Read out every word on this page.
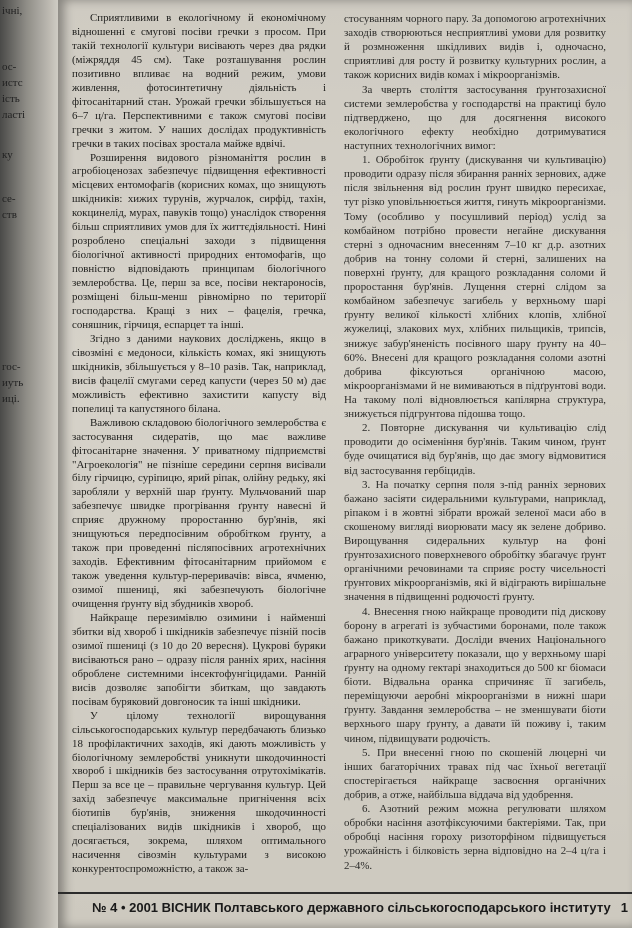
ічні,
ос-
истс
ість
ласті
ку
се-
ств
гос-
иуть
иці.

Сприятливими в екологічному й економічному відношенні є смугові посіви гречки з просом. При такій технології культури висівають через два рядки (міжряддя 45 см). Таке розташування рослин позитивно впливає на водний режим, умови живлення, фотосинтетичну діяльність і фітосанітарний стан. Урожай гречки збільшується на 6–7 ц/га. Перспективними є також смугові посіви гречки з житом. У наших дослідах продуктивність гречки в таких посівах зростала майже вдвічі.

Розширення видового різноманіття рослин в агробіоценозах забезпечує підвищення ефективності місцевих ентомофагів (корисних комах, що знищують шкідників: хижих турунів, журчалок, сирфід, тахін, кокцинелід, мурах, павуків тощо) унаслідок створення більш сприятливих умов для їх життєдіяльності. Нині розроблено спеціальні заходи з підвищення біологічної активності природних ентомофагів, що повністю відповідають принципам біологічного землеробства. Це, перш за все, посіви нектароносів, розміщені більш-менш рівномірно по території господарства. Кращі з них – фацелія, гречка, соняшник, гірчиця, еспарцет та інші.

Згідно з даними наукових досліджень, якщо в сівозміні є медоноси, кількість комах, які знищують шкідників, збільшується у 8–10 разів. Так, наприклад, висів фацелії смугами серед капусти (через 50 м) дає можливість ефективно захистити капусту від попелиці та капустяного білана.

Важливою складовою біологічного землеробства є застосування сидератів, що має важливе фітосанітарне значення. У приватному підприємстві "Агроекологія" не пізніше середини серпня висівали білу гірчицю, сурiпицю, ярий ріпак, олійну редьку, які заробляли у верхній шар ґрунту. Мульчований шар забезпечує швидке прогрівання ґрунту навесні й сприяє дружному проростанню бур'янів, які знищуються передпосівним обробітком ґрунту, а також при проведенні післяпосівних агротехнічних заходів. Ефективним фітосанітарним прийомом є також уведення культур-переривачів: вівса, ячменю, озимої пшениці, які забезпечують біологічне очищення ґрунту від збудників хвороб.

Найкраще перезимівлю озимини і найменші збитки від хвороб і шкідників забезпечує пізній посів озимої пшениці (з 10 до 20 вересня). Цукрові буряки висіваються рано – одразу після ранніх ярих, насіння оброблене системними інсектофунгіцидами. Ранній висів дозволяє запобігти збиткам, що завдають посівам буряковий довгоносик та інші шкідники.

У цілому технології вирощування сільськогосподарських культур передбачають близько 18 профілактичних заходів, які дають можливість у біологічному землеробстві уникнути шкодочинності хвороб і шкідників без застосування отрутохімікатів. Перш за все це – правильне чергування культур. Цей захід забезпечує максимальне пригнічення всіх біотипів бур'янів, зниження шкодочинності спеціалізованих видів шкідників і хвороб, що досягається, зокрема, шляхом оптимального насичення сівозмін культурами з високою конкурентоспроможністю, а також за-

стосуванням чорного пару. За допомогою агротехнічних заходів створюються несприятливі умови для розвитку й розмноження шкідливих видів і, одночасно, сприятливі для росту й розвитку культурних рослин, а також корисних видів комах і мікроорганізмів.

За чверть століття застосування ґрунтозахисної системи землеробства у господарстві на практиці було підтверджено, що для досягнення високого екологічного ефекту необхідно дотримуватися наступних технологічних вимог:

1. Обробіток ґрунту (дискування чи культивацію) проводити одразу після збирання ранніх зернових, адже після звільнення від рослин ґрунт швидко пересихає, тут різко уповільнюється життя, гинуть мікроорганізми. Тому (особливо у посушливий період) услід за комбайном потрібно провести негайне дискування стерні з одночасним внесенням 7–10 кг д.р. азотних добрив на тонну соломи й стерні, залишених на поверхні ґрунту, для кращого розкладання соломи й проростання бур'янів. Лущення стерні слідом за комбайном забезпечує загибель у верхньому шарі ґрунту великої кількості хлібних клопів, хлібної жужелиці, злакових мух, хлібних пильщиків, трипсів, знижує забур'яненість посівного шару ґрунту на 40–60%. Внесені для кращого розкладання соломи азотні добрива фіксуються органічною масою, мікроорганізмами й не вимиваються в підґрунтові води. На такому полі відновлюється капілярна структура, знижується підгрунтова підошва тощо.

2. Повторне дискування чи культивацію слід проводити до осіменіння бур'янів. Таким чином, ґрунт буде очищатися від бур'янів, що дає змогу відмовитися від застосування гербіцидів.

3. На початку серпня поля з-під ранніх зернових бажано засіяти сидеральними культурами, наприклад, ріпаком і в жовтні зібрати врожай зеленої маси або в скошеному вигляді виорювати масу як зелене добриво. Вирощування сидеральних культур на фоні ґрунтозахисного поверхневого обробітку збагачує ґрунт органічними речовинами та сприяє росту чисельності ґрунтових мікроорганізмів, які й відіграють вирішальне значення в підвищенні родючості ґрунту.

4. Внесення гною найкраще проводити під дискову борону в агрегаті із зубчастими боронами, поле також бажано прикоткувати. Досліди вчених Національного аграрного університету показали, що у верхньому шарі ґрунту на одному гектарі знаходиться до 500 кг біомаси біоти. Відвальна оранка спричиняє її загибель, переміщуючи аеробні мікроорганізми в нижні шари ґрунту. Завдання землеробства – не зменшувати біоти верхнього шару ґрунту, а давати їй поживу і, таким чином, підвищувати родючість.

5. При внесенні гною по скошеній люцерні чи інших багаторічних травах під час їхньої вегетації спостерігається найкраще засвоєння органічних добрив, а отже, найбільша віддача від удобрення.

6. Азотний режим можна регулювати шляхом обробки насіння азотфіксуючими бактеріями. Так, при обробці насіння гороху ризоторфіном підвищується урожайність і білковість зерна відповідно на 2–4 ц/га і 2–4%.

№ 4 • 2001 ВІСНИК Полтавського державного сільськогосподарського інституту 1
